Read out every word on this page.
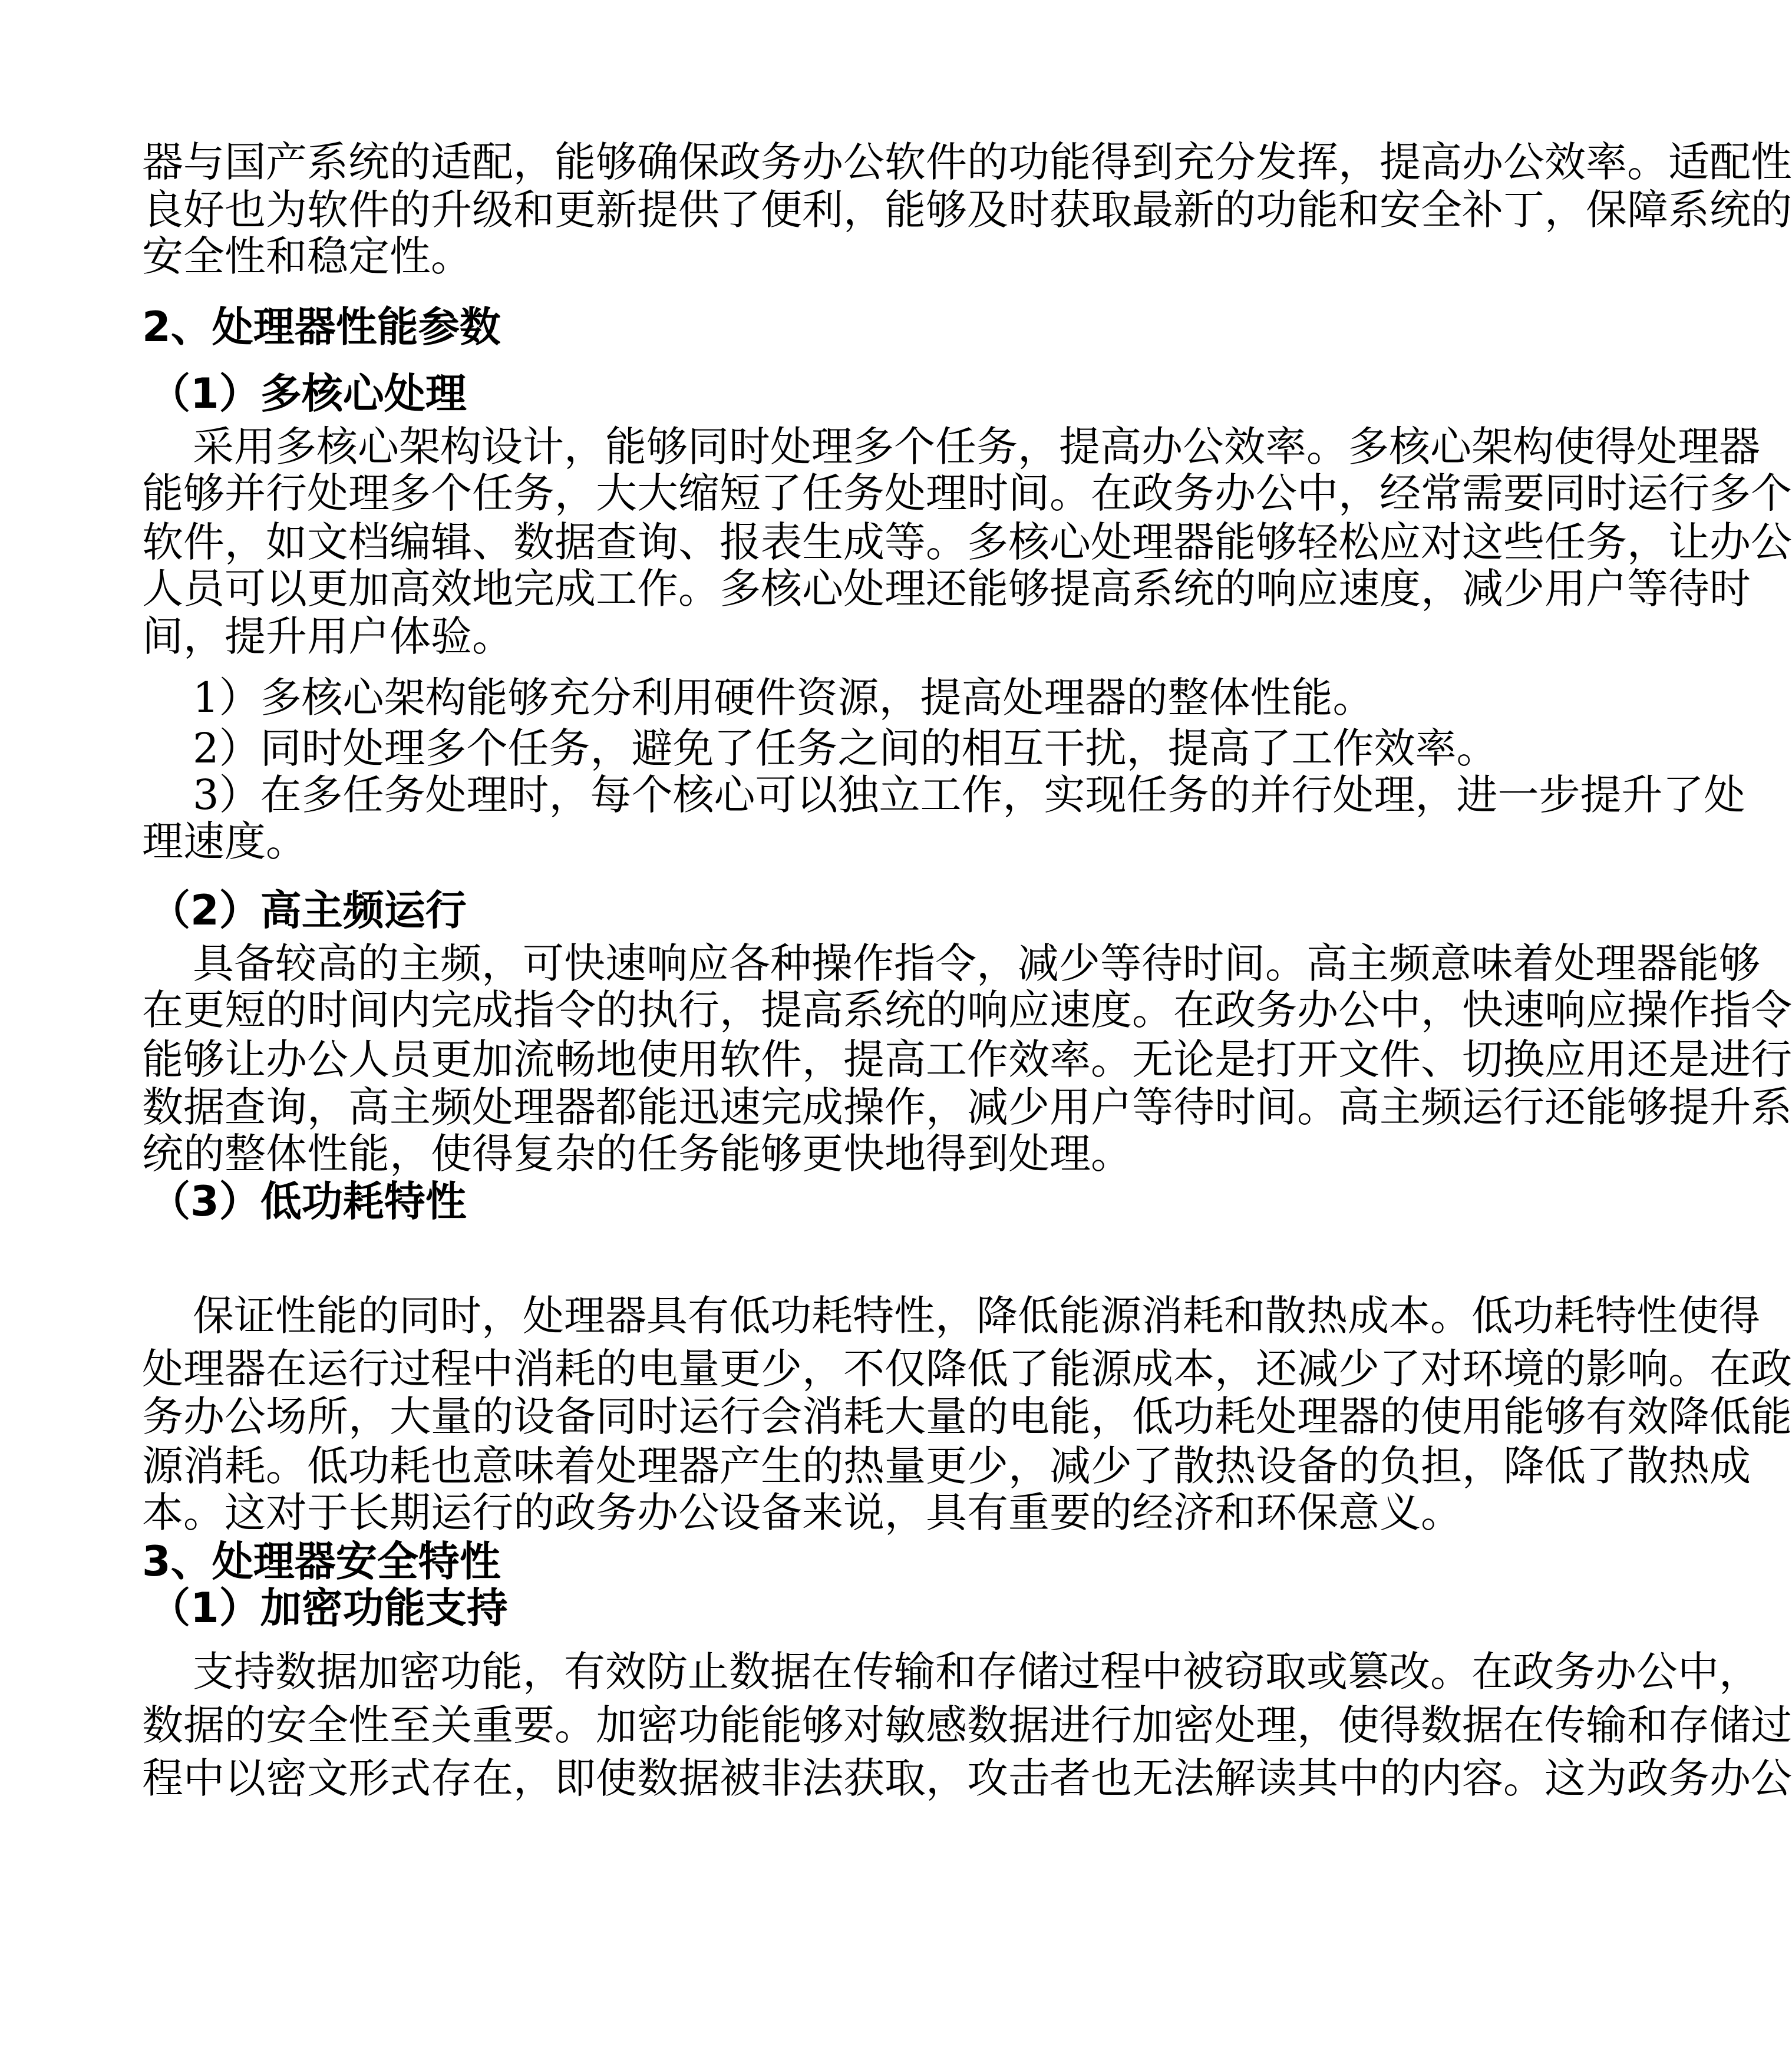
器与国产系统的适配，能够确保政务办公软件的功能得到充分发挥，提高办公效率。适配性
良好也为软件的升级和更新提供了便利，能够及时获取最新的功能和安全补丁，保障系统的
安全性和稳定性。
2、处理器性能参数
（1）多核心处理
采用多核心架构设计，能够同时处理多个任务，提高办公效率。多核心架构使得处理器
能够并行处理多个任务，大大缩短了任务处理时间。在政务办公中，经常需要同时运行多个
软件，如文档编辑、数据查询、报表生成等。多核心处理器能够轻松应对这些任务，让办公
人员可以更加高效地完成工作。多核心处理还能够提高系统的响应速度，减少用户等待时
间，提升用户体验。
1）多核心架构能够充分利用硬件资源，提高处理器的整体性能。
2）同时处理多个任务，避免了任务之间的相互干扰，提高了工作效率。
3）在多任务处理时，每个核心可以独立工作，实现任务的并行处理，进一步提升了处
理速度。
（2）高主频运行
具备较高的主频，可快速响应各种操作指令，减少等待时间。高主频意味着处理器能够
在更短的时间内完成指令的执行，提高系统的响应速度。在政务办公中，快速响应操作指令
能够让办公人员更加流畅地使用软件，提高工作效率。无论是打开文件、切换应用还是进行
数据查询，高主频处理器都能迅速完成操作，减少用户等待时间。高主频运行还能够提升系
统的整体性能，使得复杂的任务能够更快地得到处理。
（3）低功耗特性
保证性能的同时，处理器具有低功耗特性，降低能源消耗和散热成本。低功耗特性使得
处理器在运行过程中消耗的电量更少，不仅降低了能源成本，还减少了对环境的影响。在政
务办公场所，大量的设备同时运行会消耗大量的电能，低功耗处理器的使用能够有效降低能
源消耗。低功耗也意味着处理器产生的热量更少，减少了散热设备的负担，降低了散热成
本。这对于长期运行的政务办公设备来说，具有重要的经济和环保意义。
3、处理器安全特性
（1）加密功能支持
支持数据加密功能，有效防止数据在传输和存储过程中被窃取或篡改。在政务办公中，
数据的安全性至关重要。加密功能能够对敏感数据进行加密处理，使得数据在传输和存储过
程中以密文形式存在，即使数据被非法获取，攻击者也无法解读其中的内容。这为政务办公
